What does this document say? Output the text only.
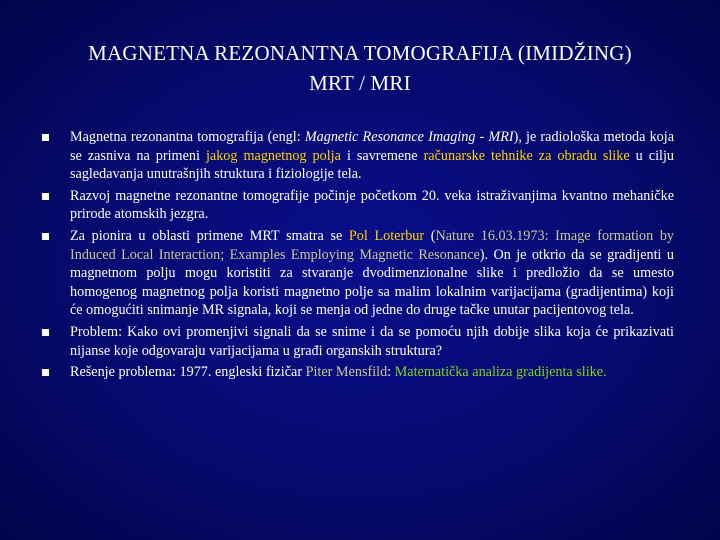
MAGNETNA REZONANTNA TOMOGRAFIJA (IMIDŽING)
MRT / MRI
Magnetna rezonantna tomografija (engl: Magnetic Resonance Imaging - MRI), je radiološka metoda koja se zasniva na primeni jakog magnetnog polja i savremene računarske tehnike za obradu slike u cilju sagledavanja unutrašnjih struktura i fiziologije tela.
Razvoj magnetne rezonantne tomografije počinje početkom 20. veka istraživanjima kvantno mehaničke prirode atomskih jezgra.
Za pionira u oblasti primene MRT smatra se Pol Loterbur (Nature 16.03.1973: Image formation by Induced Local Interaction; Examples Employing Magnetic Resonance). On je otkrio da se gradijenti u magnetnom polju mogu koristiti za stvaranje dvodimenzionalne slike i predložio da se umesto homogenog magnetnog polja koristi magnetno polje sa malim lokalnim varijacijama (gradijentima) koji će omogućiti snimanje MR signala, koji se menja od jedne do druge tačke unutar pacijentovog tela.
Problem: Kako ovi promenjivi signali da se snime i da se pomoću njih dobije slika koja će prikazivati nijanse koje odgovaraju varijacijama u građi organskih struktura?
Rešenje problema: 1977. engleski fizičar Piter Mensfild: Matematička analiza gradijenta slike.
